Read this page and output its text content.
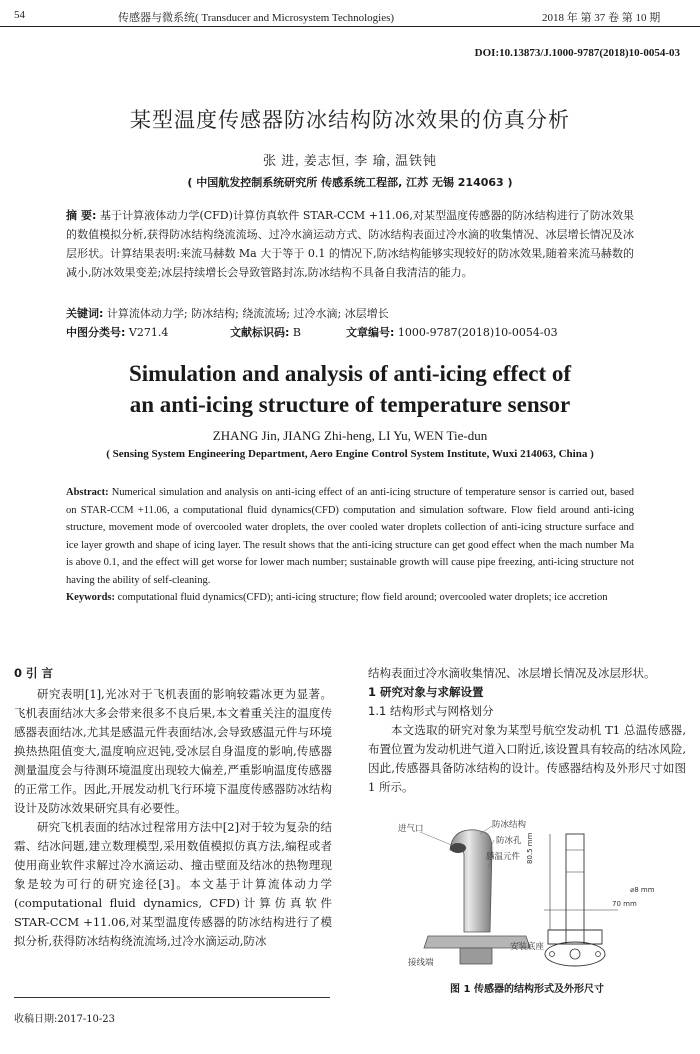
54	传感器与微系统( Transducer and Microsystem Technologies)	2018 年 第 37 卷 第 10 期
DOI:10.13873/J.1000-9787(2018)10-0054-03
某型温度传感器防冰结构防冰效果的仿真分析
张 进, 姜志恒, 李 瑜, 温铁钝
( 中国航发控制系统研究所 传感系统工程部, 江苏 无锡 214063 )
摘 要: 基于计算液体动力学(CFD)计算仿真软件 STAR-CCM +11.06,对某型温度传感器的防冰结构进行了防冰效果的数值模拟分析,获得防冰结构绕流流场、过冷水滴运动方式、防冰结构表面过冷水滴的收集情况、冰层增长情况及冰层形状。计算结果表明:来流马赫数 Ma 大于等于 0.1 的情况下,防冰结构能够实现较好的防冰效果,随着来流马赫数的减小,防冰效果变差;冰层持续增长会导致管路封冻,防冰结构不具备自我清洁的能力。
关键词: 计算流体动力学; 防冰结构; 绕流流场; 过冷水滴; 冰层增长
中图分类号: V271.4	文献标识码: B	文章编号: 1000-9787(2018)10-0054-03
Simulation and analysis of anti-icing effect of
an anti-icing structure of temperature sensor
ZHANG Jin, JIANG Zhi-heng, LI Yu, WEN Tie-dun
( Sensing System Engineering Department, Aero Engine Control System Institute, Wuxi 214063, China )

Abstract: Numerical simulation and analysis on anti-icing effect of an anti-icing structure of temperature sensor is carried out, based on STAR-CCM +11.06, a computational fluid dynamics(CFD) computation and simulation software. Flow field around anti-icing structure, movement mode of overcooled water droplets, the over cooled water droplets collection of anti-icing structure surface and ice layer growth and shape of icing layer. The result shows that the anti-icing structure can get good effect when the mach number Ma is above 0.1, and the effect will get worse for lower mach number; sustainable growth will cause pipe freezing, anti-icing structure not having the ability of self-cleaning.

Keywords: computational fluid dynamics(CFD); anti-icing structure; flow field around; overcooled water droplets; ice accretion

0 引 言

研究表明[1],光冰对于飞机表面的影响较霜冰更为显著。飞机表面结冰大多会带来很多不良后果,本文着重关注的温度传感器表面结冰,尤其是感温元件表面结冰,会导致感温元件与环境换热热阻值变大,温度响应迟钝,受冰层自身温度的影响,传感器测量温度会与待测环境温度出现较大偏差,严重影响温度传感器的正常工作。因此,开展发动机飞行环境下温度传感器防冰结构设计及防冰效果研究具有必要性。

研究飞机表面的结冰过程常用方法中[2]对于较为复杂的结霜、结冰问题,建立数理模型,采用数值模拟仿真方法,编程或者使用商业软件求解过冷水滴运动、撞击壁面及结冰的热物理现象是较为可行的研究途径[3]。本文基于计算流体动力学(computational fluid dynamics, CFD)计算仿真软件 STAR-CCM +11.06,对某型温度传感器的防冰结构进行了模拟分析,获得防冰结构绕流流场,过冷水滴运动,防冰

收稿日期:2017-10-23

结构表面过冷水滴收集情况、冰层增长情况及冰层形状。

1 研究对象与求解设置
1.1 结构形式与网格划分

本文选取的研究对象为某型号航空发动机 T1 总温传感器,布置位置为发动机进气道入口附近,该设置具有较高的结冰风险,因此,传感器具备防冰结构的设计。传感器结构及外形尺寸如图 1 所示。

进气口	防冰结构
防冰孔
感温元件
安装底座
接线端
80.5 mm
⌀8 mm
70 mm
图 1 传感器的结构形式及外形尺寸
